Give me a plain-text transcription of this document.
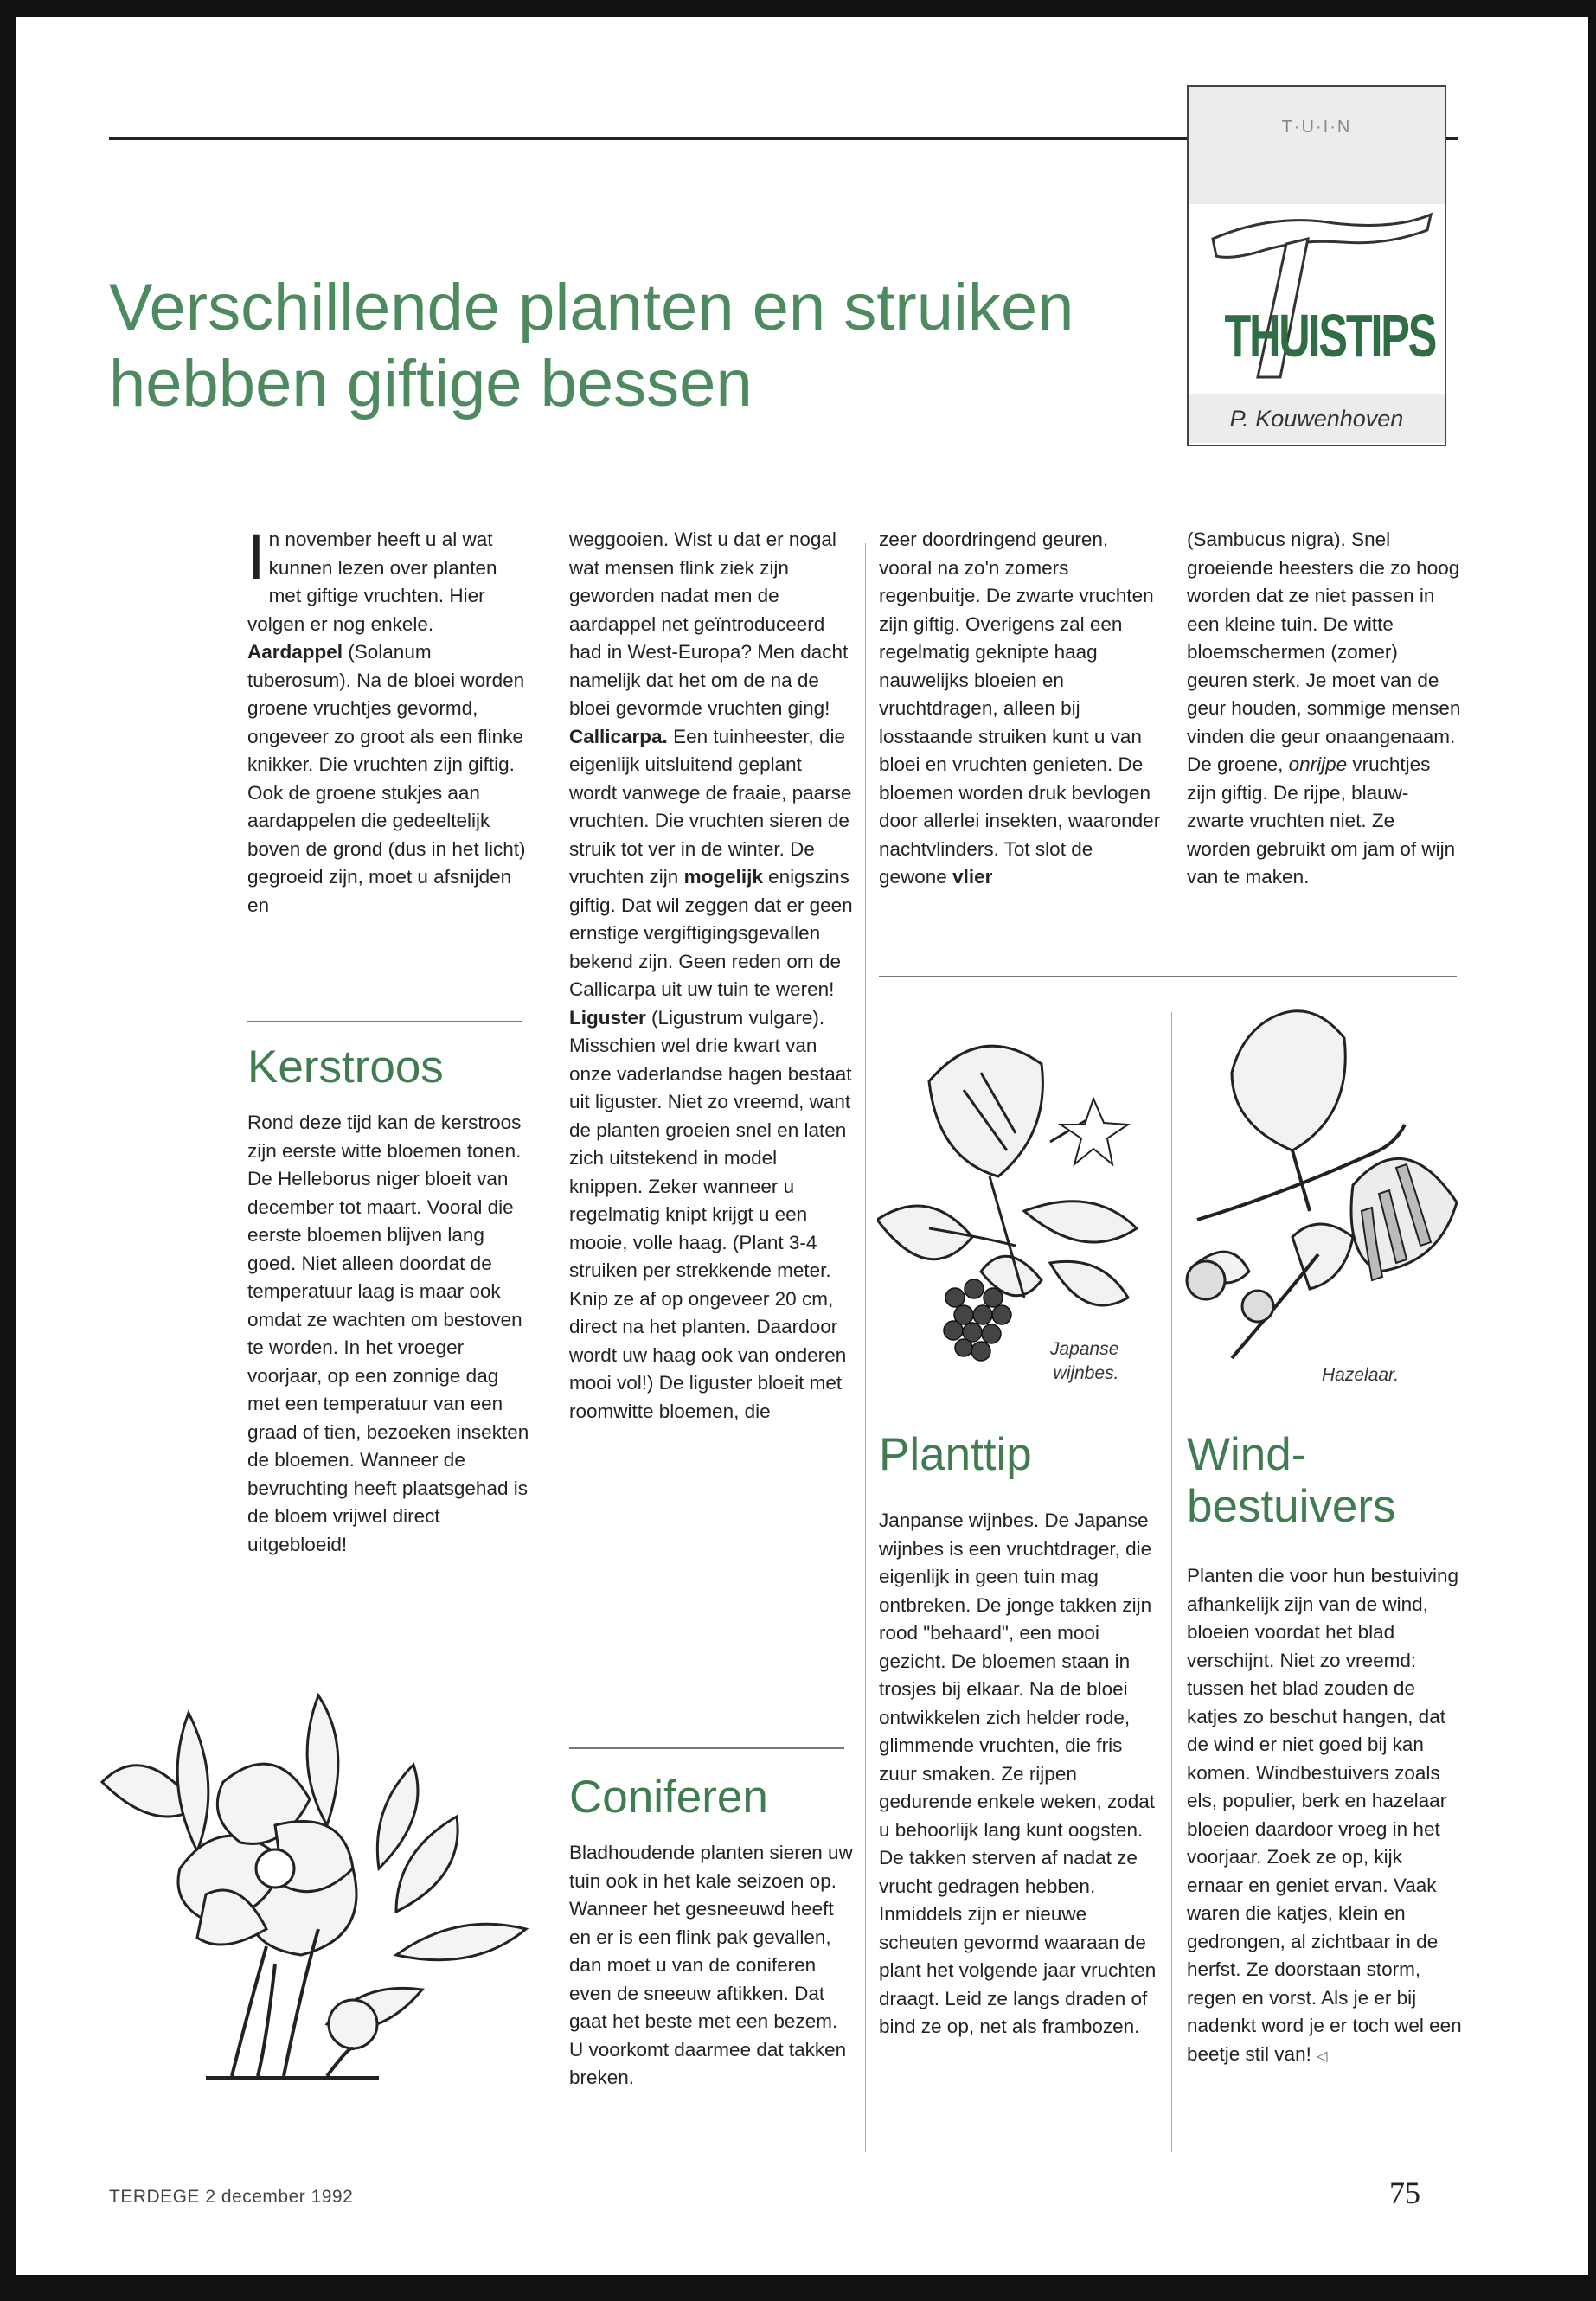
Verschillende planten en struiken
hebben giftige bessen
T·U·I·N
THUISTIPS
P. Kouwenhoven
In november heeft u al wat kunnen lezen over planten met giftige vruchten. Hier volgen er nog enkele.
Aardappel (Solanum tuberosum). Na de bloei worden groene vruchtjes gevormd, ongeveer zo groot als een flinke knikker. Die vruchten zijn giftig. Ook de groene stukjes aan aardappelen die gedeeltelijk boven de grond (dus in het licht) gegroeid zijn, moet u afsnijden en
Kerstroos
Rond deze tijd kan de kerstroos zijn eerste witte bloemen tonen. De Helleborus niger bloeit van december tot maart. Vooral die eerste bloemen blijven lang goed. Niet alleen doordat de temperatuur laag is maar ook omdat ze wachten om bestoven te worden. In het vroeger voorjaar, op een zonnige dag met een temperatuur van een graad of tien, bezoeken insekten de bloemen. Wanneer de bevruchting heeft plaatsgehad is de bloem vrijwel direct uitgebloeid!
weggooien. Wist u dat er nogal wat mensen flink ziek zijn geworden nadat men de aardappel net geïntroduceerd had in West-Europa? Men dacht namelijk dat het om de na de bloei gevormde vruchten ging!
Callicarpa. Een tuinheester, die eigenlijk uitsluitend geplant wordt vanwege de fraaie, paarse vruchten. Die vruchten sieren de struik tot ver in de winter. De vruchten zijn mogelijk enigszins giftig. Dat wil zeggen dat er geen ernstige vergiftigingsgevallen bekend zijn. Geen reden om de Callicarpa uit uw tuin te weren!
Liguster (Ligustrum vulgare). Misschien wel drie kwart van onze vaderlandse hagen bestaat uit liguster. Niet zo vreemd, want de planten groeien snel en laten zich uitstekend in model knippen. Zeker wanneer u regelmatig knipt krijgt u een mooie, volle haag. (Plant 3-4 struiken per strekkende meter. Knip ze af op ongeveer 20 cm, direct na het planten. Daardoor wordt uw haag ook van onderen mooi vol!) De liguster bloeit met roomwitte bloemen, die
Coniferen
Bladhoudende planten sieren uw tuin ook in het kale seizoen op. Wanneer het gesneeuwd heeft en er is een flink pak gevallen, dan moet u van de coniferen even de sneeuw aftikken. Dat gaat het beste met een bezem. U voorkomt daarmee dat takken breken.
zeer doordringend geuren, vooral na zo'n zomers regenbuitje. De zwarte vruchten zijn giftig. Overigens zal een regelmatig geknipte haag nauwelijks bloeien en vruchtdragen, alleen bij losstaande struiken kunt u van bloei en vruchten genieten. De bloemen worden druk bevlogen door allerlei insekten, waaronder nachtvlinders. Tot slot de gewone vlier
Japanse
wijnbes.
Planttip
Janpanse wijnbes. De Japanse wijnbes is een vruchtdrager, die eigenlijk in geen tuin mag ontbreken. De jonge takken zijn rood "behaard", een mooi gezicht. De bloemen staan in trosjes bij elkaar. Na de bloei ontwikkelen zich helder rode, glimmende vruchten, die fris zuur smaken. Ze rijpen gedurende enkele weken, zodat u behoorlijk lang kunt oogsten. De takken sterven af nadat ze vrucht gedragen hebben. Inmiddels zijn er nieuwe scheuten gevormd waaraan de plant het volgende jaar vruchten draagt. Leid ze langs draden of bind ze op, net als frambozen.
(Sambucus nigra). Snel groeiende heesters die zo hoog worden dat ze niet passen in een kleine tuin. De witte bloemschermen (zomer) geuren sterk. Je moet van de geur houden, sommige mensen vinden die geur onaangenaam. De groene, onrijpe vruchtjes zijn giftig. De rijpe, blauw-zwarte vruchten niet. Ze worden gebruikt om jam of wijn van te maken.
Hazelaar.
Wind-
bestuivers
Planten die voor hun bestuiving afhankelijk zijn van de wind, bloeien voordat het blad verschijnt. Niet zo vreemd: tussen het blad zouden de katjes zo beschut hangen, dat de wind er niet goed bij kan komen. Windbestuivers zoals els, populier, berk en hazelaar bloeien daardoor vroeg in het voorjaar. Zoek ze op, kijk ernaar en geniet ervan. Vaak waren die katjes, klein en gedrongen, al zichtbaar in de herfst. Ze doorstaan storm, regen en vorst. Als je er bij nadenkt word je er toch wel een beetje stil van! ◁
TERDEGE 2 december 1992	75
